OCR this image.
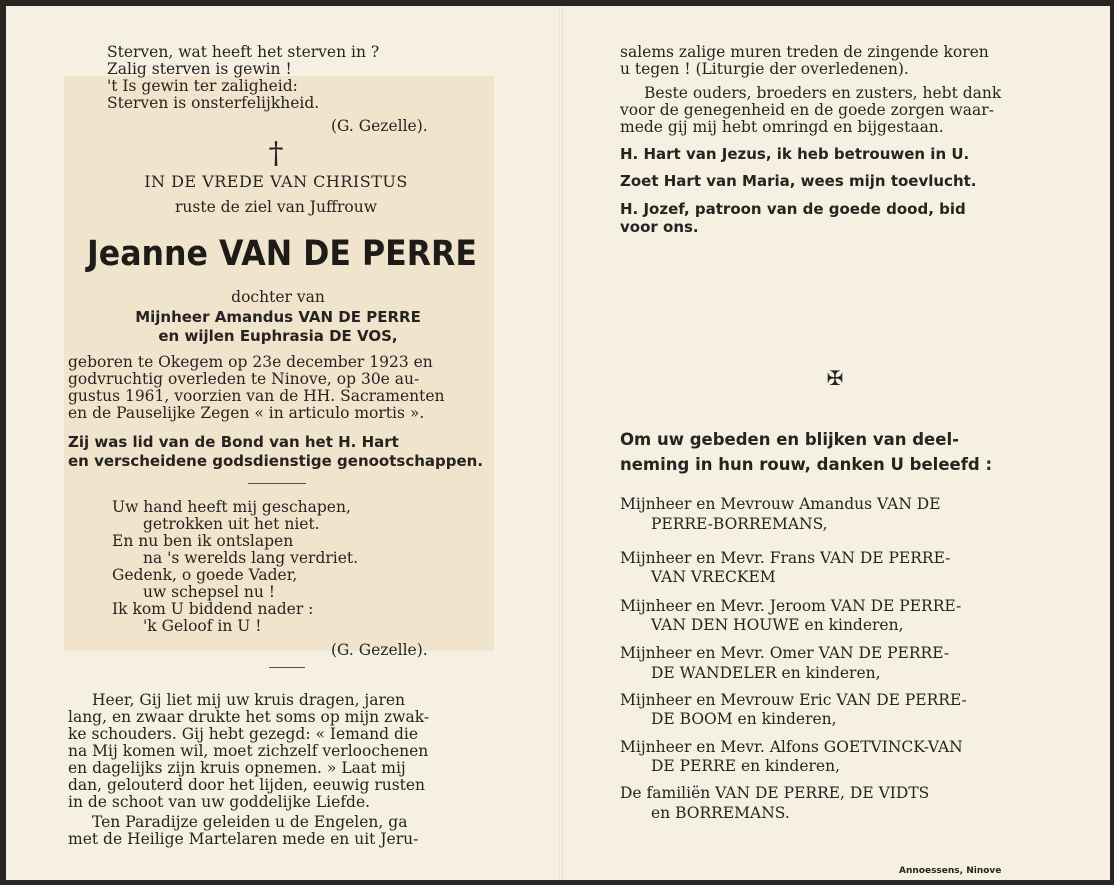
Sterven, wat heeft het sterven in ?
Zalig sterven is gewin !
't Is gewin ter zaligheid:
Sterven is onsterfelijkheid.
(G. Gezelle).
†
IN DE VREDE VAN CHRISTUS
ruste de ziel van Juffrouw
Jeanne VAN DE PERRE
dochter van
Mijnheer Amandus VAN DE PERRE
en wijlen Euphrasia DE VOS,
geboren te Okegem op 23e december 1923 en
godvruchtig overleden te Ninove, op 30e au-
gustus 1961, voorzien van de HH. Sacramenten
en de Pauselijke Zegen « in articulo mortis ».
Zij was lid van de Bond van het H. Hart
en verscheidene godsdienstige genootschappen.
Uw hand heeft mij geschapen,
getrokken uit het niet.
En nu ben ik ontslapen
na 's werelds lang verdriet.
Gedenk, o goede Vader,
uw schepsel nu !
Ik kom U biddend nader :
'k Geloof in U !
(G. Gezelle).
Heer, Gij liet mij uw kruis dragen, jaren
lang, en zwaar drukte het soms op mijn zwak-
ke schouders. Gij hebt gezegd: « Iemand die
na Mij komen wil, moet zichzelf verloochenen
en dagelijks zijn kruis opnemen. » Laat mij
dan, gelouterd door het lijden, eeuwig rusten
in de schoot van uw goddelijke Liefde.
Ten Paradijze geleiden u de Engelen, ga
met de Heilige Martelaren mede en uit Jeru-
salems zalige muren treden de zingende koren
u tegen ! (Liturgie der overledenen).
Beste ouders, broeders en zusters, hebt dank
voor de genegenheid en de goede zorgen waar-
mede gij mij hebt omringd en bijgestaan.
H. Hart van Jezus, ik heb betrouwen in U.
Zoet Hart van Maria, wees mijn toevlucht.
H. Jozef, patroon van de goede dood, bid
voor ons.
✠
Om uw gebeden en blijken van deel-
neming in hun rouw, danken U beleefd :
Mijnheer en Mevrouw Amandus VAN DE
PERRE-BORREMANS,
Mijnheer en Mevr. Frans VAN DE PERRE-
VAN VRECKEM
Mijnheer en Mevr. Jeroom VAN DE PERRE-
VAN DEN HOUWE en kinderen,
Mijnheer en Mevr. Omer VAN DE PERRE-
DE WANDELER en kinderen,
Mijnheer en Mevrouw Eric VAN DE PERRE-
DE BOOM en kinderen,
Mijnheer en Mevr. Alfons GOETVINCK-VAN
DE PERRE en kinderen,
De familiën VAN DE PERRE, DE VIDTS
en BORREMANS.
Annoessens, Ninove
